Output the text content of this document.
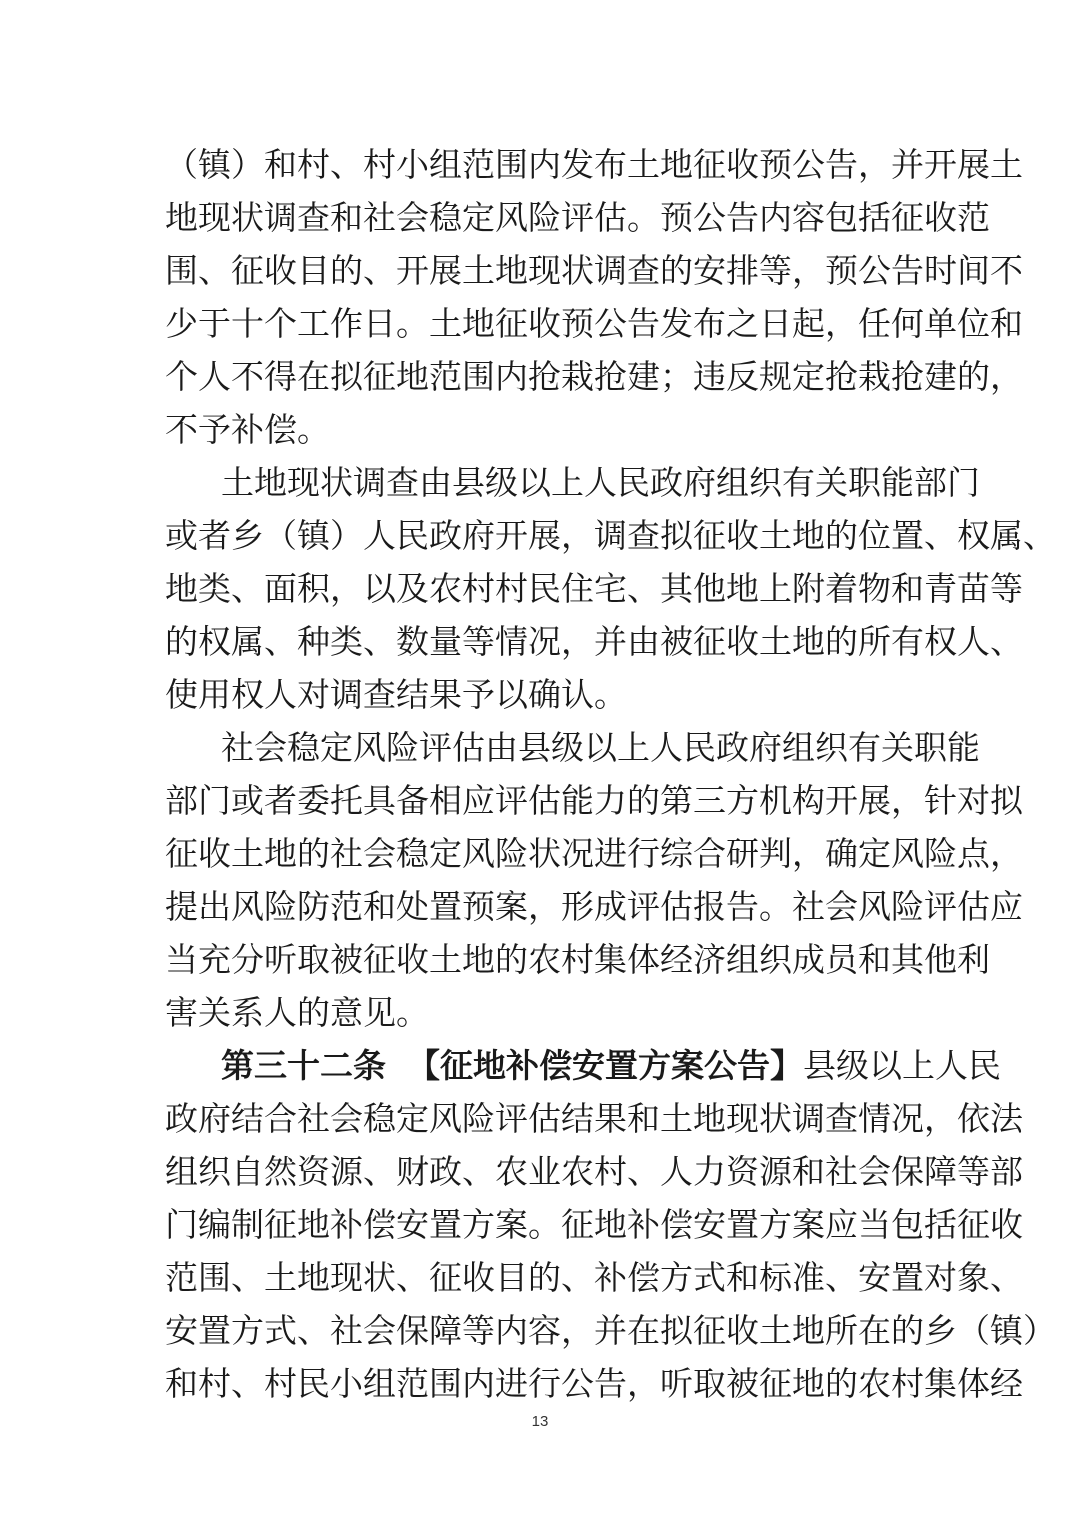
（镇）和村、村小组范围内发布土地征收预公告，并开展土
地现状调查和社会稳定风险评估。预公告内容包括征收范
围、征收目的、开展土地现状调查的安排等，预公告时间不
少于十个工作日。土地征收预公告发布之日起，任何单位和
个人不得在拟征地范围内抢栽抢建；违反规定抢栽抢建的，
不予补偿。
土地现状调查由县级以上人民政府组织有关职能部门
或者乡（镇）人民政府开展，调查拟征收土地的位置、权属、
地类、面积，以及农村村民住宅、其他地上附着物和青苗等
的权属、种类、数量等情况，并由被征收土地的所有权人、
使用权人对调查结果予以确认。
社会稳定风险评估由县级以上人民政府组织有关职能
部门或者委托具备相应评估能力的第三方机构开展，针对拟
征收土地的社会稳定风险状况进行综合研判，确定风险点，
提出风险防范和处置预案，形成评估报告。社会风险评估应
当充分听取被征收土地的农村集体经济组织成员和其他利
害关系人的意见。
第三十二条 【征地补偿安置方案公告】县级以上人民
政府结合社会稳定风险评估结果和土地现状调查情况，依法
组织自然资源、财政、农业农村、人力资源和社会保障等部
门编制征地补偿安置方案。征地补偿安置方案应当包括征收
范围、土地现状、征收目的、补偿方式和标准、安置对象、
安置方式、社会保障等内容，并在拟征收土地所在的乡（镇）
和村、村民小组范围内进行公告，听取被征地的农村集体经
13
